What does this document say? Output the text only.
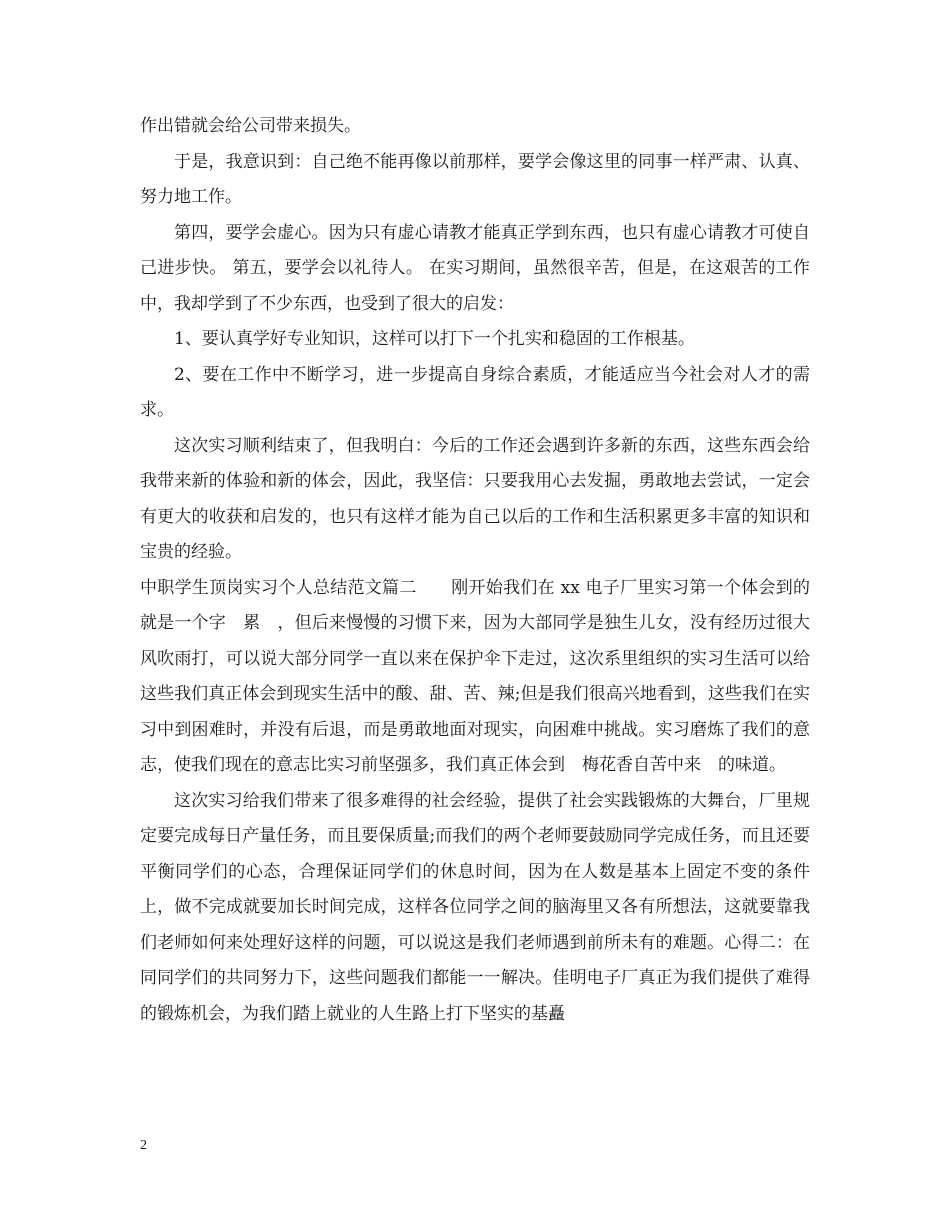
作出错就会给公司带来损失。

于是，我意识到：自己绝不能再像以前那样，要学会像这里的同事一样严肃、认真、努力地工作。

第四，要学会虚心。因为只有虚心请教才能真正学到东西，也只有虚心请教才可使自己进步快。 第五，要学会以礼待人。 在实习期间，虽然很辛苦，但是，在这艰苦的工作中，我却学到了不少东西，也受到了很大的启发：

1、要认真学好专业知识，这样可以打下一个扎实和稳固的工作根基。

2、要在工作中不断学习，进一步提高自身综合素质，才能适应当今社会对人才的需求。

这次实习顺利结束了，但我明白：今后的工作还会遇到许多新的东西，这些东西会给我带来新的体验和新的体会，因此，我坚信：只要我用心去发掘，勇敢地去尝试，一定会有更大的收获和启发的，也只有这样才能为自己以后的工作和生活积累更多丰富的知识和宝贵的经验。

中职学生顶岗实习个人总结范文篇二　　刚开始我们在 xx 电子厂里实习第一个体会到的就是一个字　累　，但后来慢慢的习惯下来，因为大部同学是独生儿女，没有经历过很大风吹雨打，可以说大部分同学一直以来在保护伞下走过，这次系里组织的实习生活可以给这些我们真正体会到现实生活中的酸、甜、苦、辣;但是我们很高兴地看到，这些我们在实习中到困难时，并没有后退，而是勇敢地面对现实，向困难中挑战。实习磨炼了我们的意志，使我们现在的意志比实习前坚强多，我们真正体会到　梅花香自苦中来　的味道。

这次实习给我们带来了很多难得的社会经验，提供了社会实践锻炼的大舞台，厂里规定要完成每日产量任务，而且要保质量;而我们的两个老师要鼓励同学完成任务，而且还要平衡同学们的心态，合理保证同学们的休息时间，因为在人数是基本上固定不变的条件上，做不完成就要加长时间完成，这样各位同学之间的脑海里又各有所想法，这就要靠我们老师如何来处理好这样的问题，可以说这是我们老师遇到前所未有的难题。心得二：在同同学们的共同努力下，这些问题我们都能一一解决。佳明电子厂真正为我们提供了难得的锻炼机会，为我们踏上就业的人生路上打下坚实的基矗

2
